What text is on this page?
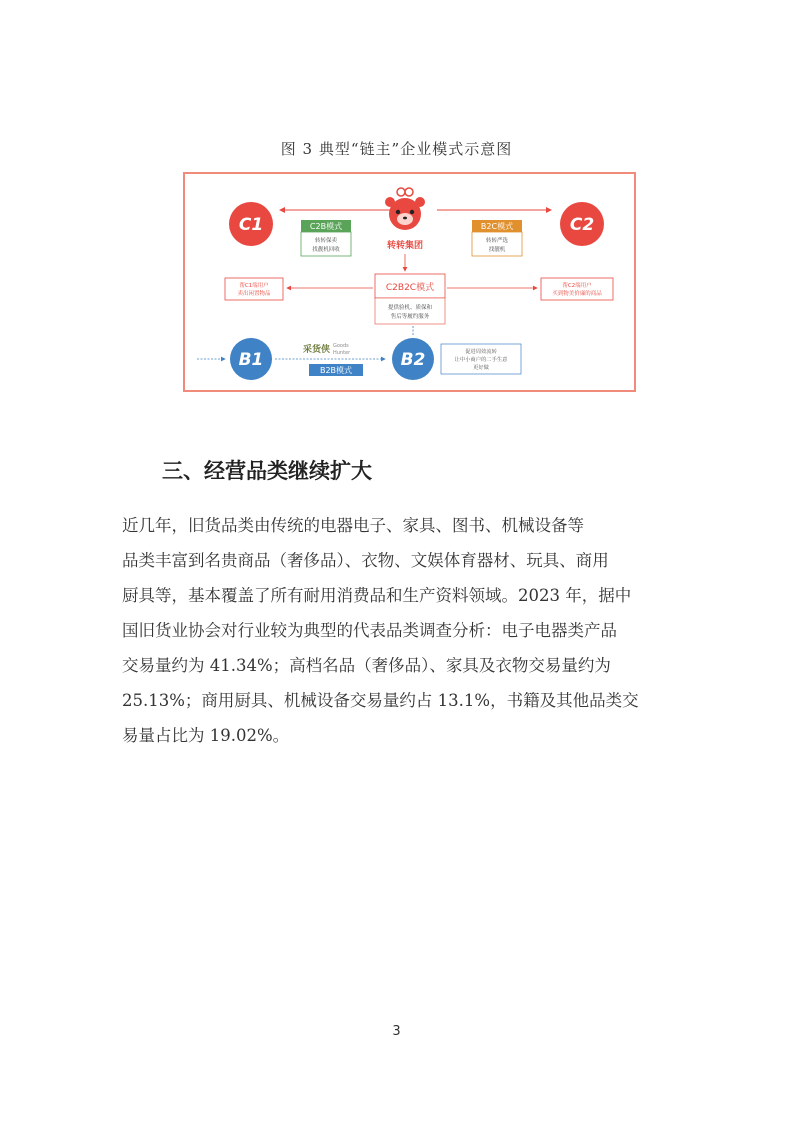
图 3 典型“链主”企业模式示意图
C1	C2
C2B模式
转转保卖
找靓机回收
B2C模式
转转严选
找靓机
转转集团
C2B2C模式
提供验机、质保和
售后等履约服务
帮C1端用户
卖出闲置物品
帮C2端用户
买到物美价廉的商品
B1	采货侠 Goods
Hunter
B2B模式
B2	促进周效流转
让中小商户的二手生意
更好做
三、经营品类继续扩大
近几年，旧货品类由传统的电器电子、家具、图书、机械设备等
品类丰富到名贵商品（奢侈品）、衣物、文娱体育器材、玩具、商用
厨具等，基本覆盖了所有耐用消费品和生产资料领域。2023 年，据中
国旧货业协会对行业较为典型的代表品类调查分析：电子电器类产品
交易量约为 41.34%；高档名品（奢侈品）、家具及衣物交易量约为
25.13%；商用厨具、机械设备交易量约占 13.1%，书籍及其他品类交
易量占比为 19.02%。
3
